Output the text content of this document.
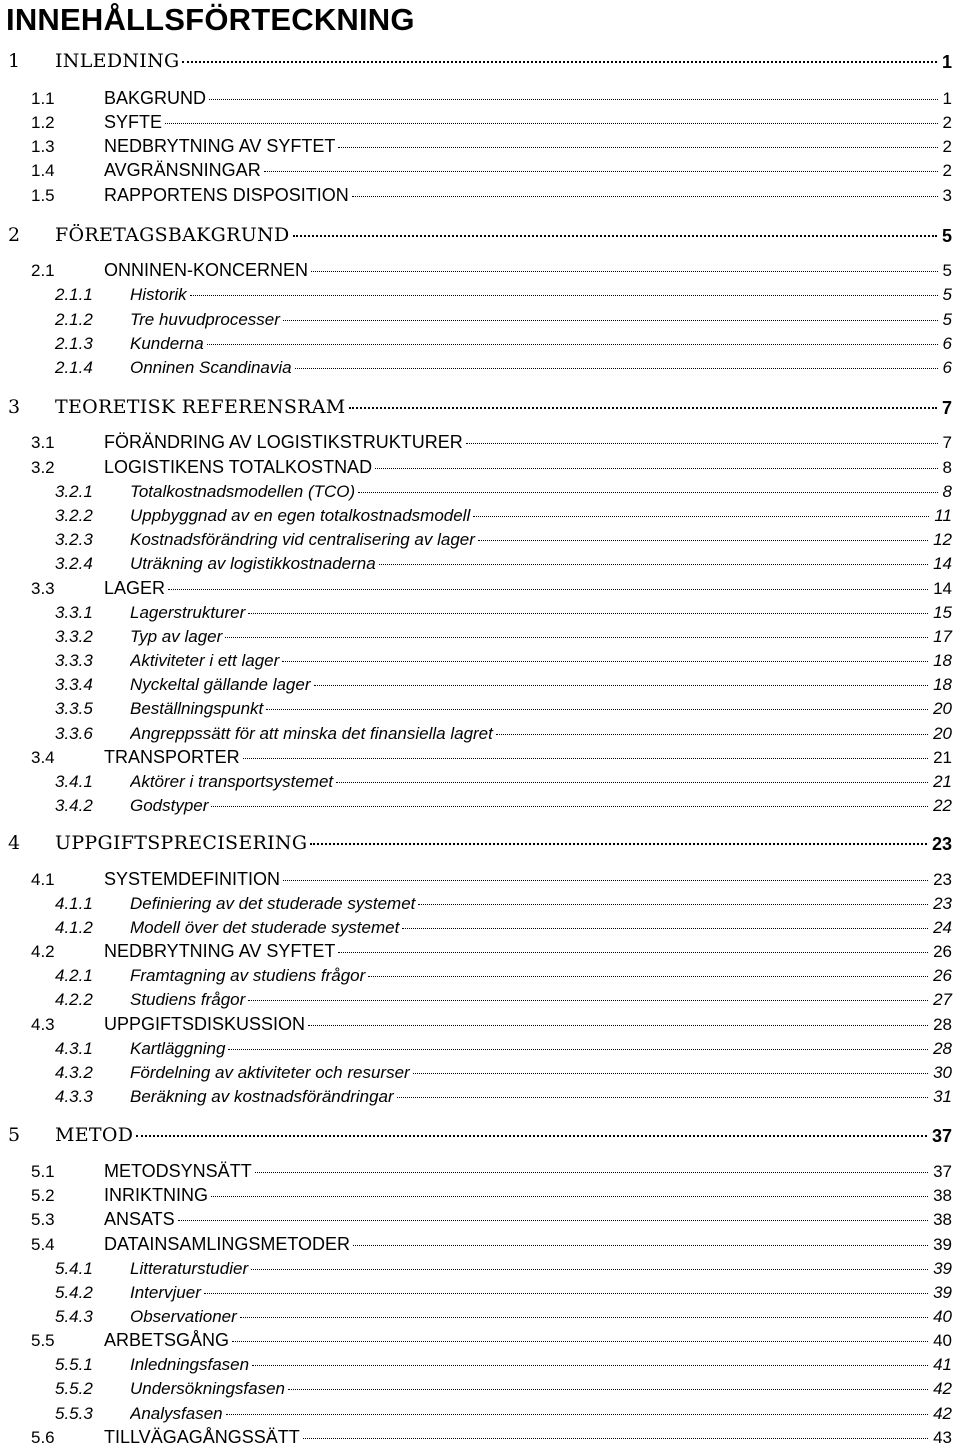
INNEHÅLLSFÖRTECKNING
1 INLEDNING	1
1.1	BAKGRUND	1
1.2	SYFTE	2
1.3	NEDBRYTNING AV SYFTET	2
1.4	AVGRÄNSNINGAR	2
1.5	RAPPORTENS DISPOSITION	3
2 FÖRETAGSBAKGRUND	5
2.1	ONNINEN-KONCERNEN	5
2.1.1 Historik	5
2.1.2 Tre huvudprocesser	5
2.1.3 Kunderna	6
2.1.4 Onninen Scandinavia	6
3 TEORETISK REFERENSRAM	7
3.1	FÖRÄNDRING AV LOGISTIKSTRUKTURER	7
3.2	LOGISTIKENS TOTALKOSTNAD	8
3.2.1 Totalkostnadsmodellen (TCO)	8
3.2.2 Uppbyggnad av en egen totalkostnadsmodell	11
3.2.3 Kostnadsförändring vid centralisering av lager	12
3.2.4 Uträkning av logistikkostnaderna	14
3.3	LAGER	14
3.3.1 Lagerstrukturer	15
3.3.2 Typ av lager	17
3.3.3 Aktiviteter i ett lager	18
3.3.4 Nyckeltal gällande lager	18
3.3.5 Beställningspunkt	20
3.3.6 Angreppssätt för att minska det finansiella lagret	20
3.4	TRANSPORTER	21
3.4.1 Aktörer i transportsystemet	21
3.4.2 Godstyper	22
4 UPPGIFTSPRECISERING	23
4.1	SYSTEMDEFINITION	23
4.1.1 Definiering av det studerade systemet	23
4.1.2 Modell över det studerade systemet	24
4.2	NEDBRYTNING AV SYFTET	26
4.2.1 Framtagning av studiens frågor	26
4.2.2 Studiens frågor	27
4.3	UPPGIFTSDISKUSSION	28
4.3.1 Kartläggning	28
4.3.2 Fördelning av aktiviteter och resurser	30
4.3.3 Beräkning av kostnadsförändringar	31
5 METOD	37
5.1	METODSYNSÄTT	37
5.2	INRIKTNING	38
5.3	ANSATS	38
5.4	DATAINSAMLINGSMETODER	39
5.4.1 Litteraturstudier	39
5.4.2 Intervjuer	39
5.4.3 Observationer	40
5.5	ARBETSGÅNG	40
5.5.1 Inledningsfasen	41
5.5.2 Undersökningsfasen	42
5.5.3 Analysfasen	42
5.6	TILLVÄGAGÅNGSSÄTT	43
